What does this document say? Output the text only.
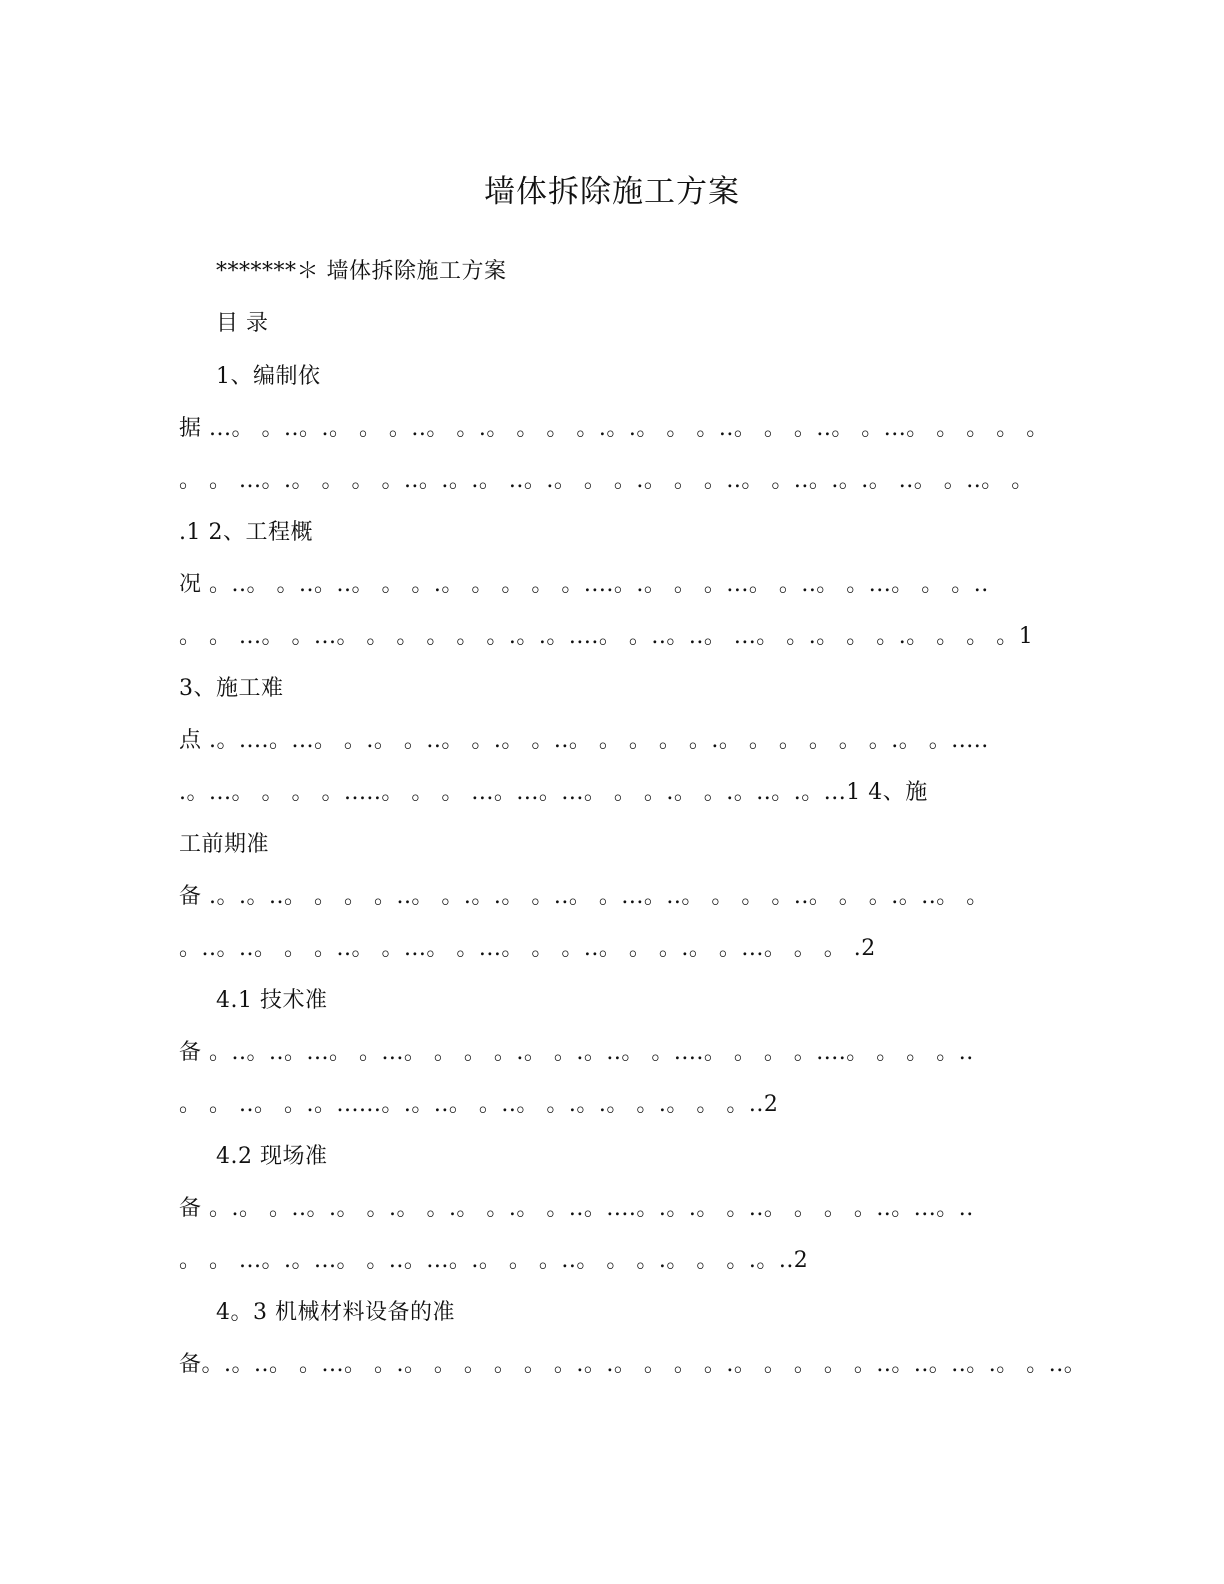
墙体拆除施工方案
*******＊ 墙体拆除施工方案
目 录
1、编制依
据 ...。 。..。.。 。 。..。 。.。 。 。 。.。.。 。 。..。 。 。..。 。...。 。 。 。 。
。 。 ...。.。 。 。 。..。.。.。 ..。.。 。 。.。 。 。..。 。..。.。.。 ..。 。..。 。
.1 2、工程概
况 。..。 。..。..。 。 。.。 。 。 。 。....。.。 。 。...。 。..。 。...。 。 。..
。 。 ...。 。...。 。 。 。 。 。.。.。....。 。..。..。 ...。 。.。 。 。.。 。 。 。1
3、施工难
点 .。....。...。 。.。 。..。 。.。 。..。 。 。 。 。.。 。 。 。 。 。.。 。.....
.。...。 。 。 。.....。 。 。 ...。...。...。 。 。.。 。.。..。.。...1 4、施
工前期准
备 .。.。..。 。 。 。..。 。.。.。 。..。 。...。..。 。 。 。..。 。 。.。..。 。
。..。..。 。 。..。 。...。 。...。 。 。..。 。 。.。 。...。 。 。 .2
4.1 技术准
备 。..。..。...。 。...。 。 。 。.。 。.。..。 。....。 。 。 。....。 。 。 。..
。 。 ..。 。.。......。.。..。 。..。 。.。.。 。.。 。 。..2
4.2 现场准
备 。.。 。..。.。 。.。 。.。 。.。 。..。....。.。.。 。..。 。 。 。..。...。..
。 。 ...。.。...。 。..。...。.。 。 。..。 。 。.。 。 。.。..2
4。3 机械材料设备的准
备。.。..。 。...。 。.。 。 。 。 。 。.。.。 。 。 。.。 。 。 。 。..。..。..。.。 。..。
